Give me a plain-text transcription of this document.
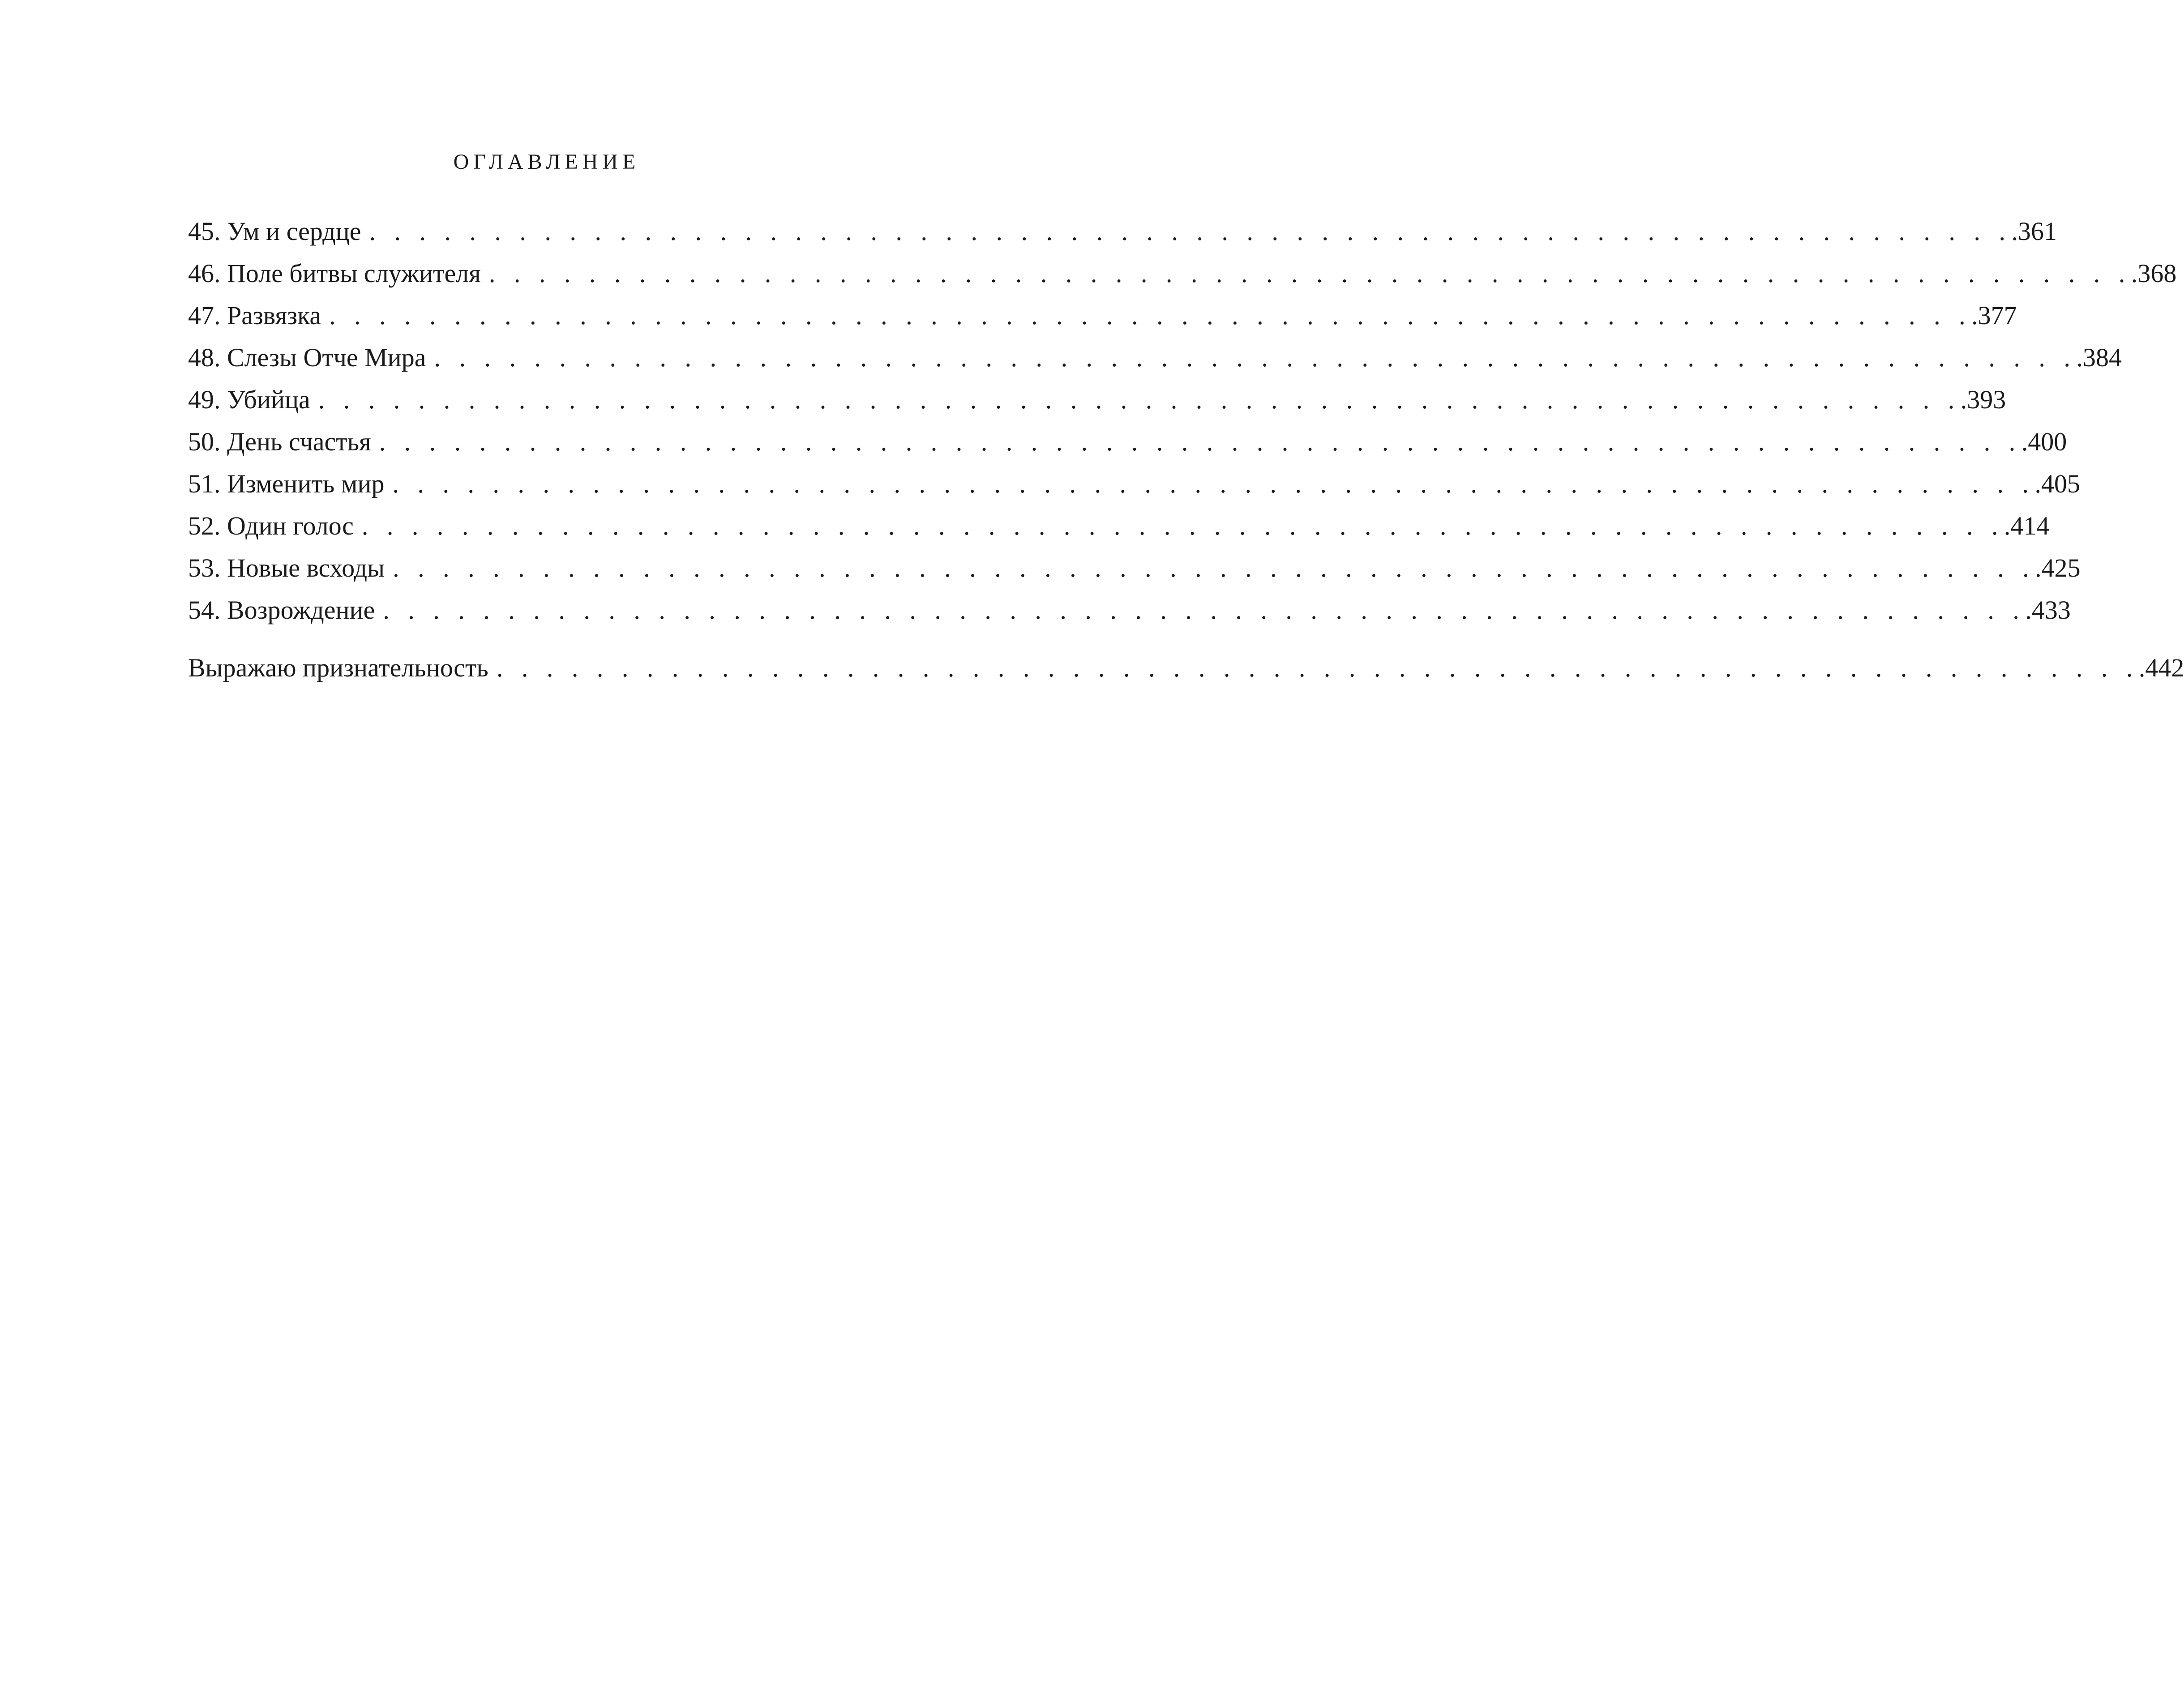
ОГЛАВЛЕНИЕ
45. Ум и сердце . . . . . . . . . . . . . . . . . . . . . . . . . . . . . . . . . . . . . . . . . . . . . . . . . . . . . . . . . . . . . . . . . . .361
46. Поле битвы служителя . . . . . . . . . . . . . . . . . . . . . . . . . . . . . . . . . . . . . . . . . . . . . . . . . . . . . . . . . . . . . . . . . . .368
47. Развязка . . . . . . . . . . . . . . . . . . . . . . . . . . . . . . . . . . . . . . . . . . . . . . . . . . . . . . . . . . . . . . . . . . .377
48. Слезы Отче Мира . . . . . . . . . . . . . . . . . . . . . . . . . . . . . . . . . . . . . . . . . . . . . . . . . . . . . . . . . . . . . . . . . . .384
49. Убийца . . . . . . . . . . . . . . . . . . . . . . . . . . . . . . . . . . . . . . . . . . . . . . . . . . . . . . . . . . . . . . . . . . .393
50. День счастья . . . . . . . . . . . . . . . . . . . . . . . . . . . . . . . . . . . . . . . . . . . . . . . . . . . . . . . . . . . . . . . . . . .400
51. Изменить мир . . . . . . . . . . . . . . . . . . . . . . . . . . . . . . . . . . . . . . . . . . . . . . . . . . . . . . . . . . . . . . . . . . .405
52. Один голос . . . . . . . . . . . . . . . . . . . . . . . . . . . . . . . . . . . . . . . . . . . . . . . . . . . . . . . . . . . . . . . . . . .414
53. Новые всходы . . . . . . . . . . . . . . . . . . . . . . . . . . . . . . . . . . . . . . . . . . . . . . . . . . . . . . . . . . . . . . . . . . .425
54. Возрождение . . . . . . . . . . . . . . . . . . . . . . . . . . . . . . . . . . . . . . . . . . . . . . . . . . . . . . . . . . . . . . . . . . .433
Выражаю признательность . . . . . . . . . . . . . . . . . . . . . . . . . . . . . . . . . . . . . . . . . . . . . . . . . . . . . . . . . . . . . . . . . . .442
